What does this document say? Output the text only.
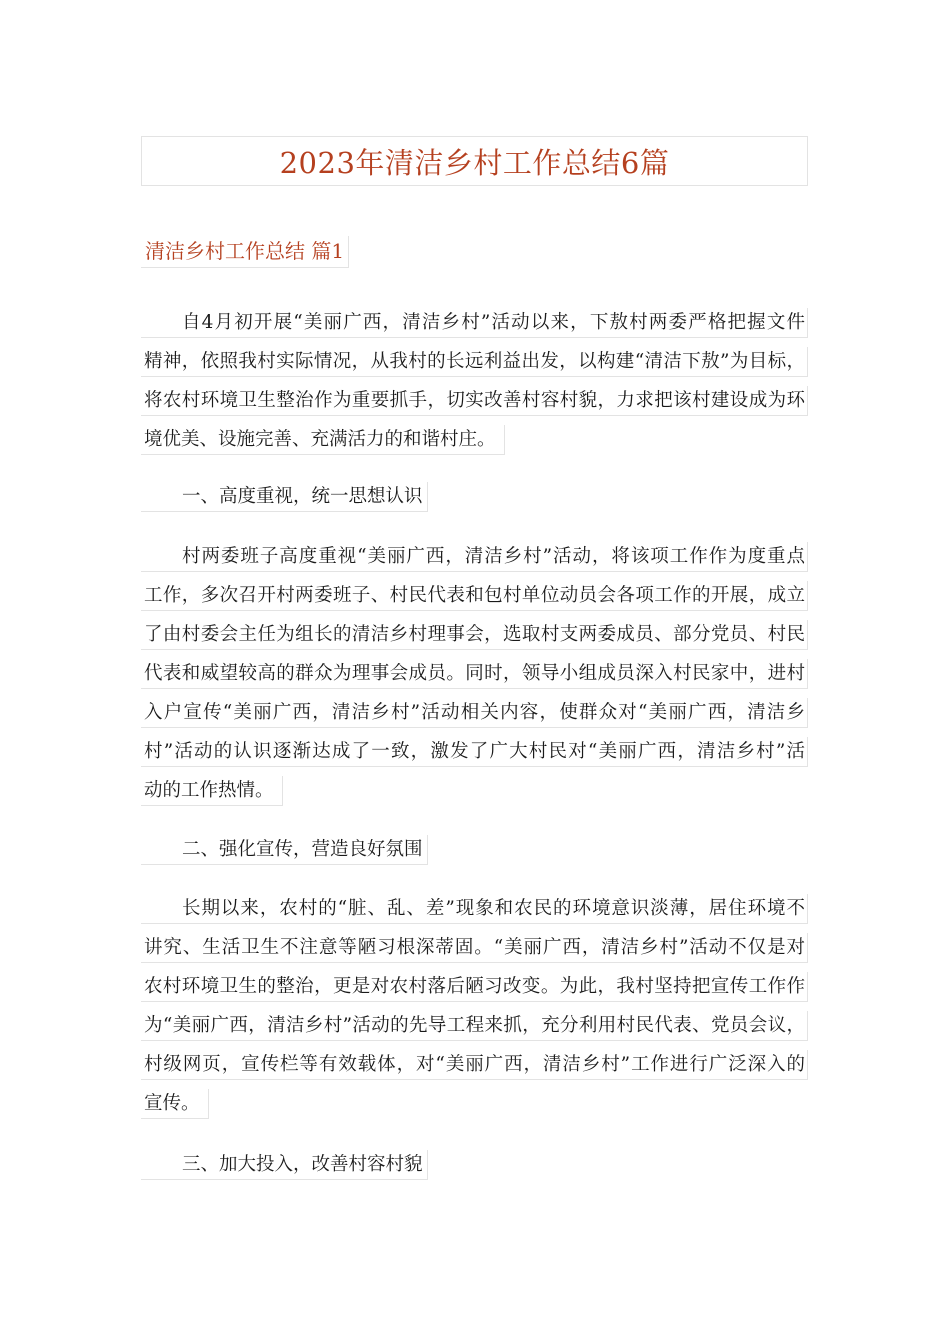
2023年清洁乡村工作总结6篇
清洁乡村工作总结 篇1
自4月初开展“美丽广西，清洁乡村”活动以来，下敖村两委严格把握文件
精神，依照我村实际情况，从我村的长远利益出发，以构建“清洁下敖”为目标，
将农村环境卫生整治作为重要抓手，切实改善村容村貌，力求把该村建设成为环
境优美、设施完善、充满活力的和谐村庄。
一、高度重视，统一思想认识
村两委班子高度重视“美丽广西，清洁乡村”活动，将该项工作作为度重点
工作，多次召开村两委班子、村民代表和包村单位动员会各项工作的开展，成立
了由村委会主任为组长的清洁乡村理事会，选取村支两委成员、部分党员、村民
代表和威望较高的群众为理事会成员。同时，领导小组成员深入村民家中，进村
入户宣传“美丽广西，清洁乡村”活动相关内容，使群众对“美丽广西，清洁乡
村”活动的认识逐渐达成了一致，激发了广大村民对“美丽广西，清洁乡村”活
动的工作热情。
二、强化宣传，营造良好氛围
长期以来，农村的“脏、乱、差”现象和农民的环境意识淡薄，居住环境不
讲究、生活卫生不注意等陋习根深蒂固。“美丽广西，清洁乡村”活动不仅是对
农村环境卫生的整治，更是对农村落后陋习改变。为此，我村坚持把宣传工作作
为“美丽广西，清洁乡村”活动的先导工程来抓，充分利用村民代表、党员会议，
村级网页，宣传栏等有效载体，对“美丽广西，清洁乡村”工作进行广泛深入的
宣传。
三、加大投入，改善村容村貌
